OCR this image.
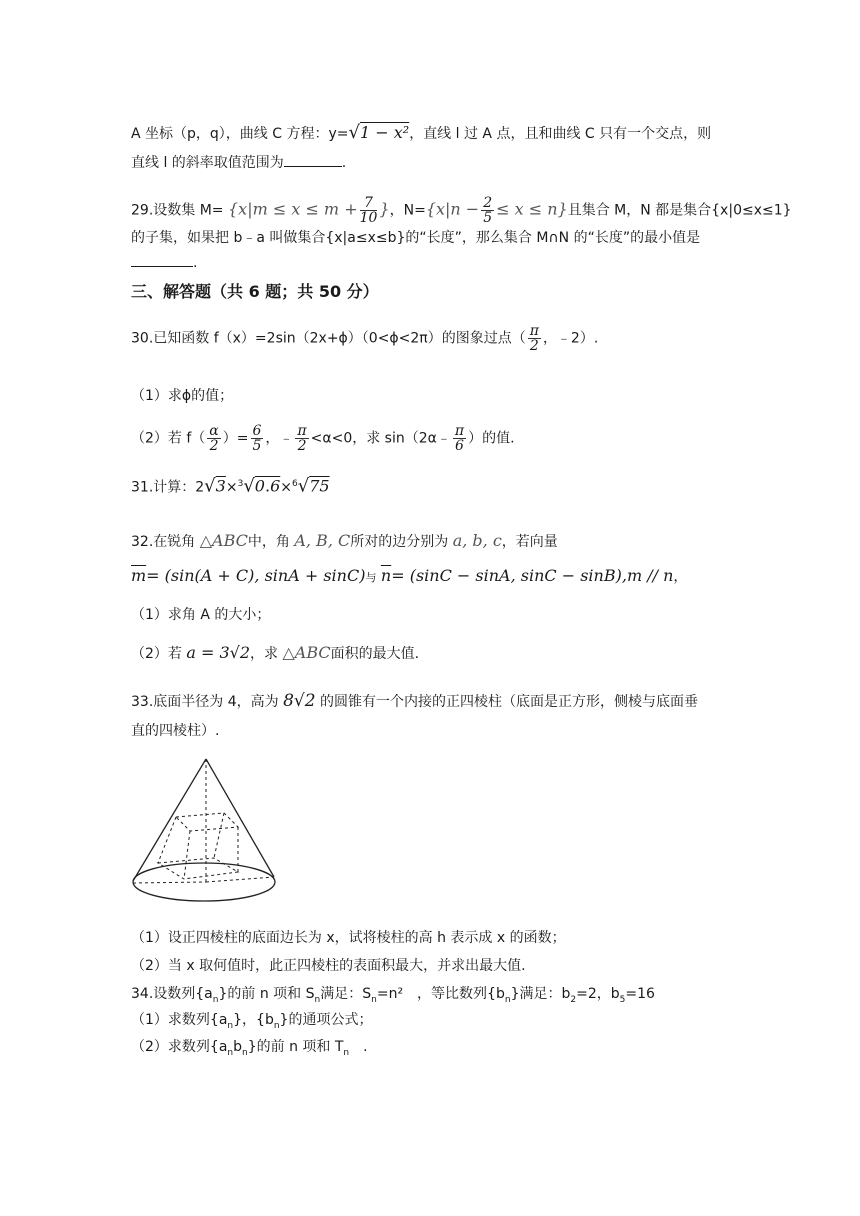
A 坐标（p，q），曲线 C 方程：y=√1 − x²，直线 l 过 A 点，且和曲线 C 只有一个交点，则
直线 l 的斜率取值范围为	.
29.设数集 $M= \{x|m \le x \le m + \frac{7}{10}$ }，$N=\{x|n - \frac{2}{5} \le x \le n\}$且集合 M，N 都是集合{x|0≤x≤1}
的子集，如果把 b﹣a 叫做集合{x|a≤x≤b}的“长度”，那么集合 M∩N 的“长度”的最小值是
.
三、解答题（共 6 题；共 50 分）
30.已知函数 f（x）=2sin（2x+ϕ）（0<ϕ<2π）的图象过点（ $\frac{\pi}{2}$ ，﹣2）.
（1）求ϕ的值；
（2）若 $f( \frac{\alpha}{2}$ ）= $\frac{6}{5}$ ，﹣ $\frac{\pi}{2} <\alpha<0$，求 sin（2α﹣ $\frac{\pi}{6}$ ）的值.
31.计算：2√3×$^3$√0.6×$^6$√75
32.在锐角 △ABC中，角 A, B, C所对的边分别为 a, b, c，若向量
$\overline{m}= (\sin(A + C)$, sinA + sinC)与 $\overline{n}= (\sin C - \sin A$, sinC − sinB),m // n，
（1）求角 A 的大小；
（2）若 a = 3√2，求 △ABC面积的最大值.
33.底面半径为 4，高为 8√2 的圆锥有一个内接的正四棱柱（底面是正方形，侧棱与底面垂
直的四棱柱）.
（1）设正四棱柱的底面边长为 x，试将棱柱的高 h 表示成 x 的函数；
（2）当 x 取何值时，此正四棱柱的表面积最大，并求出最大值.
34.设数列$\{a_n\}$的前 n 项和 $S_n$满足：$S_n=n^2$　，等比数列$\{b_n\}$满足：$b_2=2$，$b_5=16$
（1）求数列$\{a_n\}$，$\{b_n\}$的通项公式；
（2）求数列$\{a_nb_n\}$的前 n 项和 $T_n$　.
